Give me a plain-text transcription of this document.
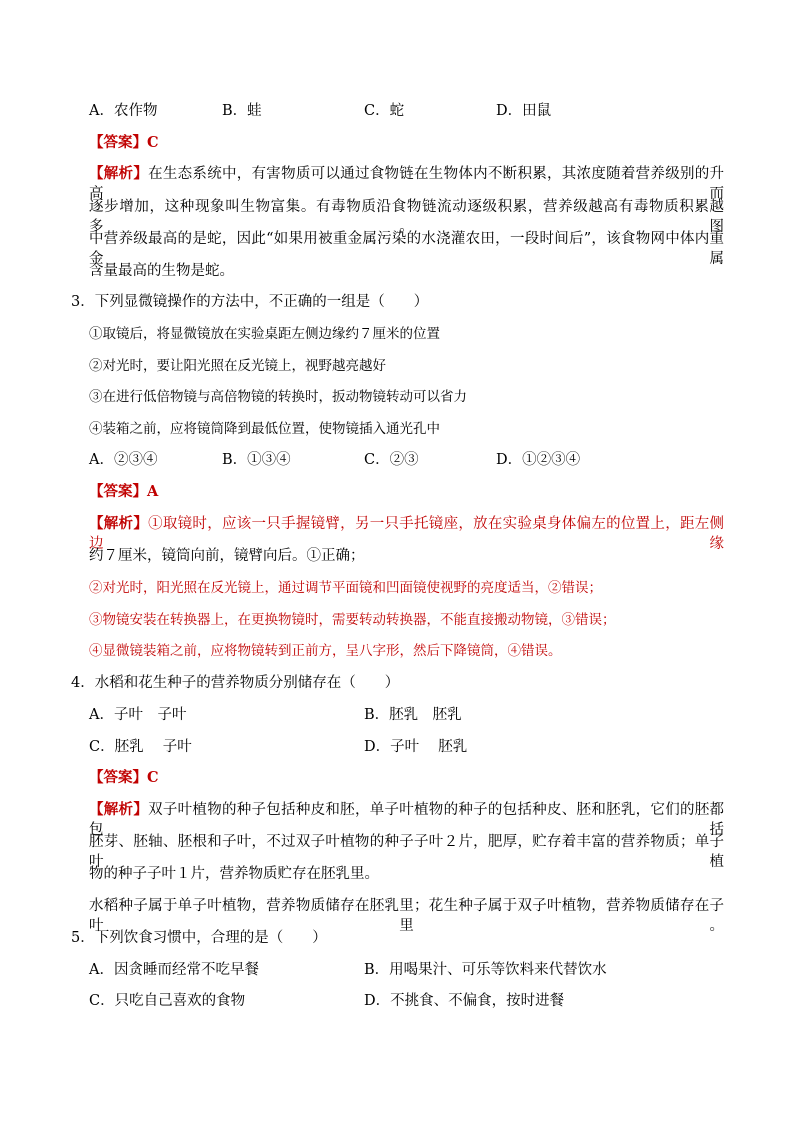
A．农作物	B．蛙	C．蛇	D．田鼠
【答案】C
【解析】在生态系统中，有害物质可以通过食物链在生物体内不断积累，其浓度随着营养级别的升高而
逐步增加，这种现象叫生物富集。有毒物质沿食物链流动逐级积累，营养级越高有毒物质积累越多。图
中营养级最高的是蛇，因此“如果用被重金属污染的水浇灌农田，一段时间后”，该食物网中体内重金属
含量最高的生物是蛇。
3．下列显微镜操作的方法中，不正确的一组是（　　）
①取镜后，将显微镜放在实验桌距左侧边缘约７厘米的位置
②对光时，要让阳光照在反光镜上，视野越亮越好
③在进行低倍物镜与高倍物镜的转换时，扳动物镜转动可以省力
④装箱之前，应将镜筒降到最低位置，使物镜插入通光孔中
A．②③④	B．①③④	C．②③	D．①②③④
【答案】A
【解析】①取镜时，应该一只手握镜臂，另一只手托镜座，放在实验桌身体偏左的位置上，距左侧边缘
约７厘米，镜筒向前，镜臂向后。①正确；
②对光时，阳光照在反光镜上，通过调节平面镜和凹面镜使视野的亮度适当，②错误；
③物镜安装在转换器上，在更换物镜时，需要转动转换器，不能直接搬动物镜，③错误；
④显微镜装箱之前，应将物镜转到正前方，呈八字形，然后下降镜筒，④错误。
4．水稻和花生种子的营养物质分别储存在（　　）
A．子叶　子叶	B．胚乳　胚乳
C．胚乳　 子叶	D．子叶　 胚乳
【答案】C
【解析】双子叶植物的种子包括种皮和胚，单子叶植物的种子的包括种皮、胚和胚乳，它们的胚都包括
胚芽、胚轴、胚根和子叶，不过双子叶植物的种子子叶２片，肥厚，贮存着丰富的营养物质；单子叶植
物的种子子叶１片，营养物质贮存在胚乳里。
水稻种子属于单子叶植物，营养物质储存在胚乳里；花生种子属于双子叶植物，营养物质储存在子叶里。
5．下列饮食习惯中，合理的是（　　）
A．因贪睡而经常不吃早餐	B．用喝果汁、可乐等饮料来代替饮水
C．只吃自己喜欢的食物	D．不挑食、不偏食，按时进餐
